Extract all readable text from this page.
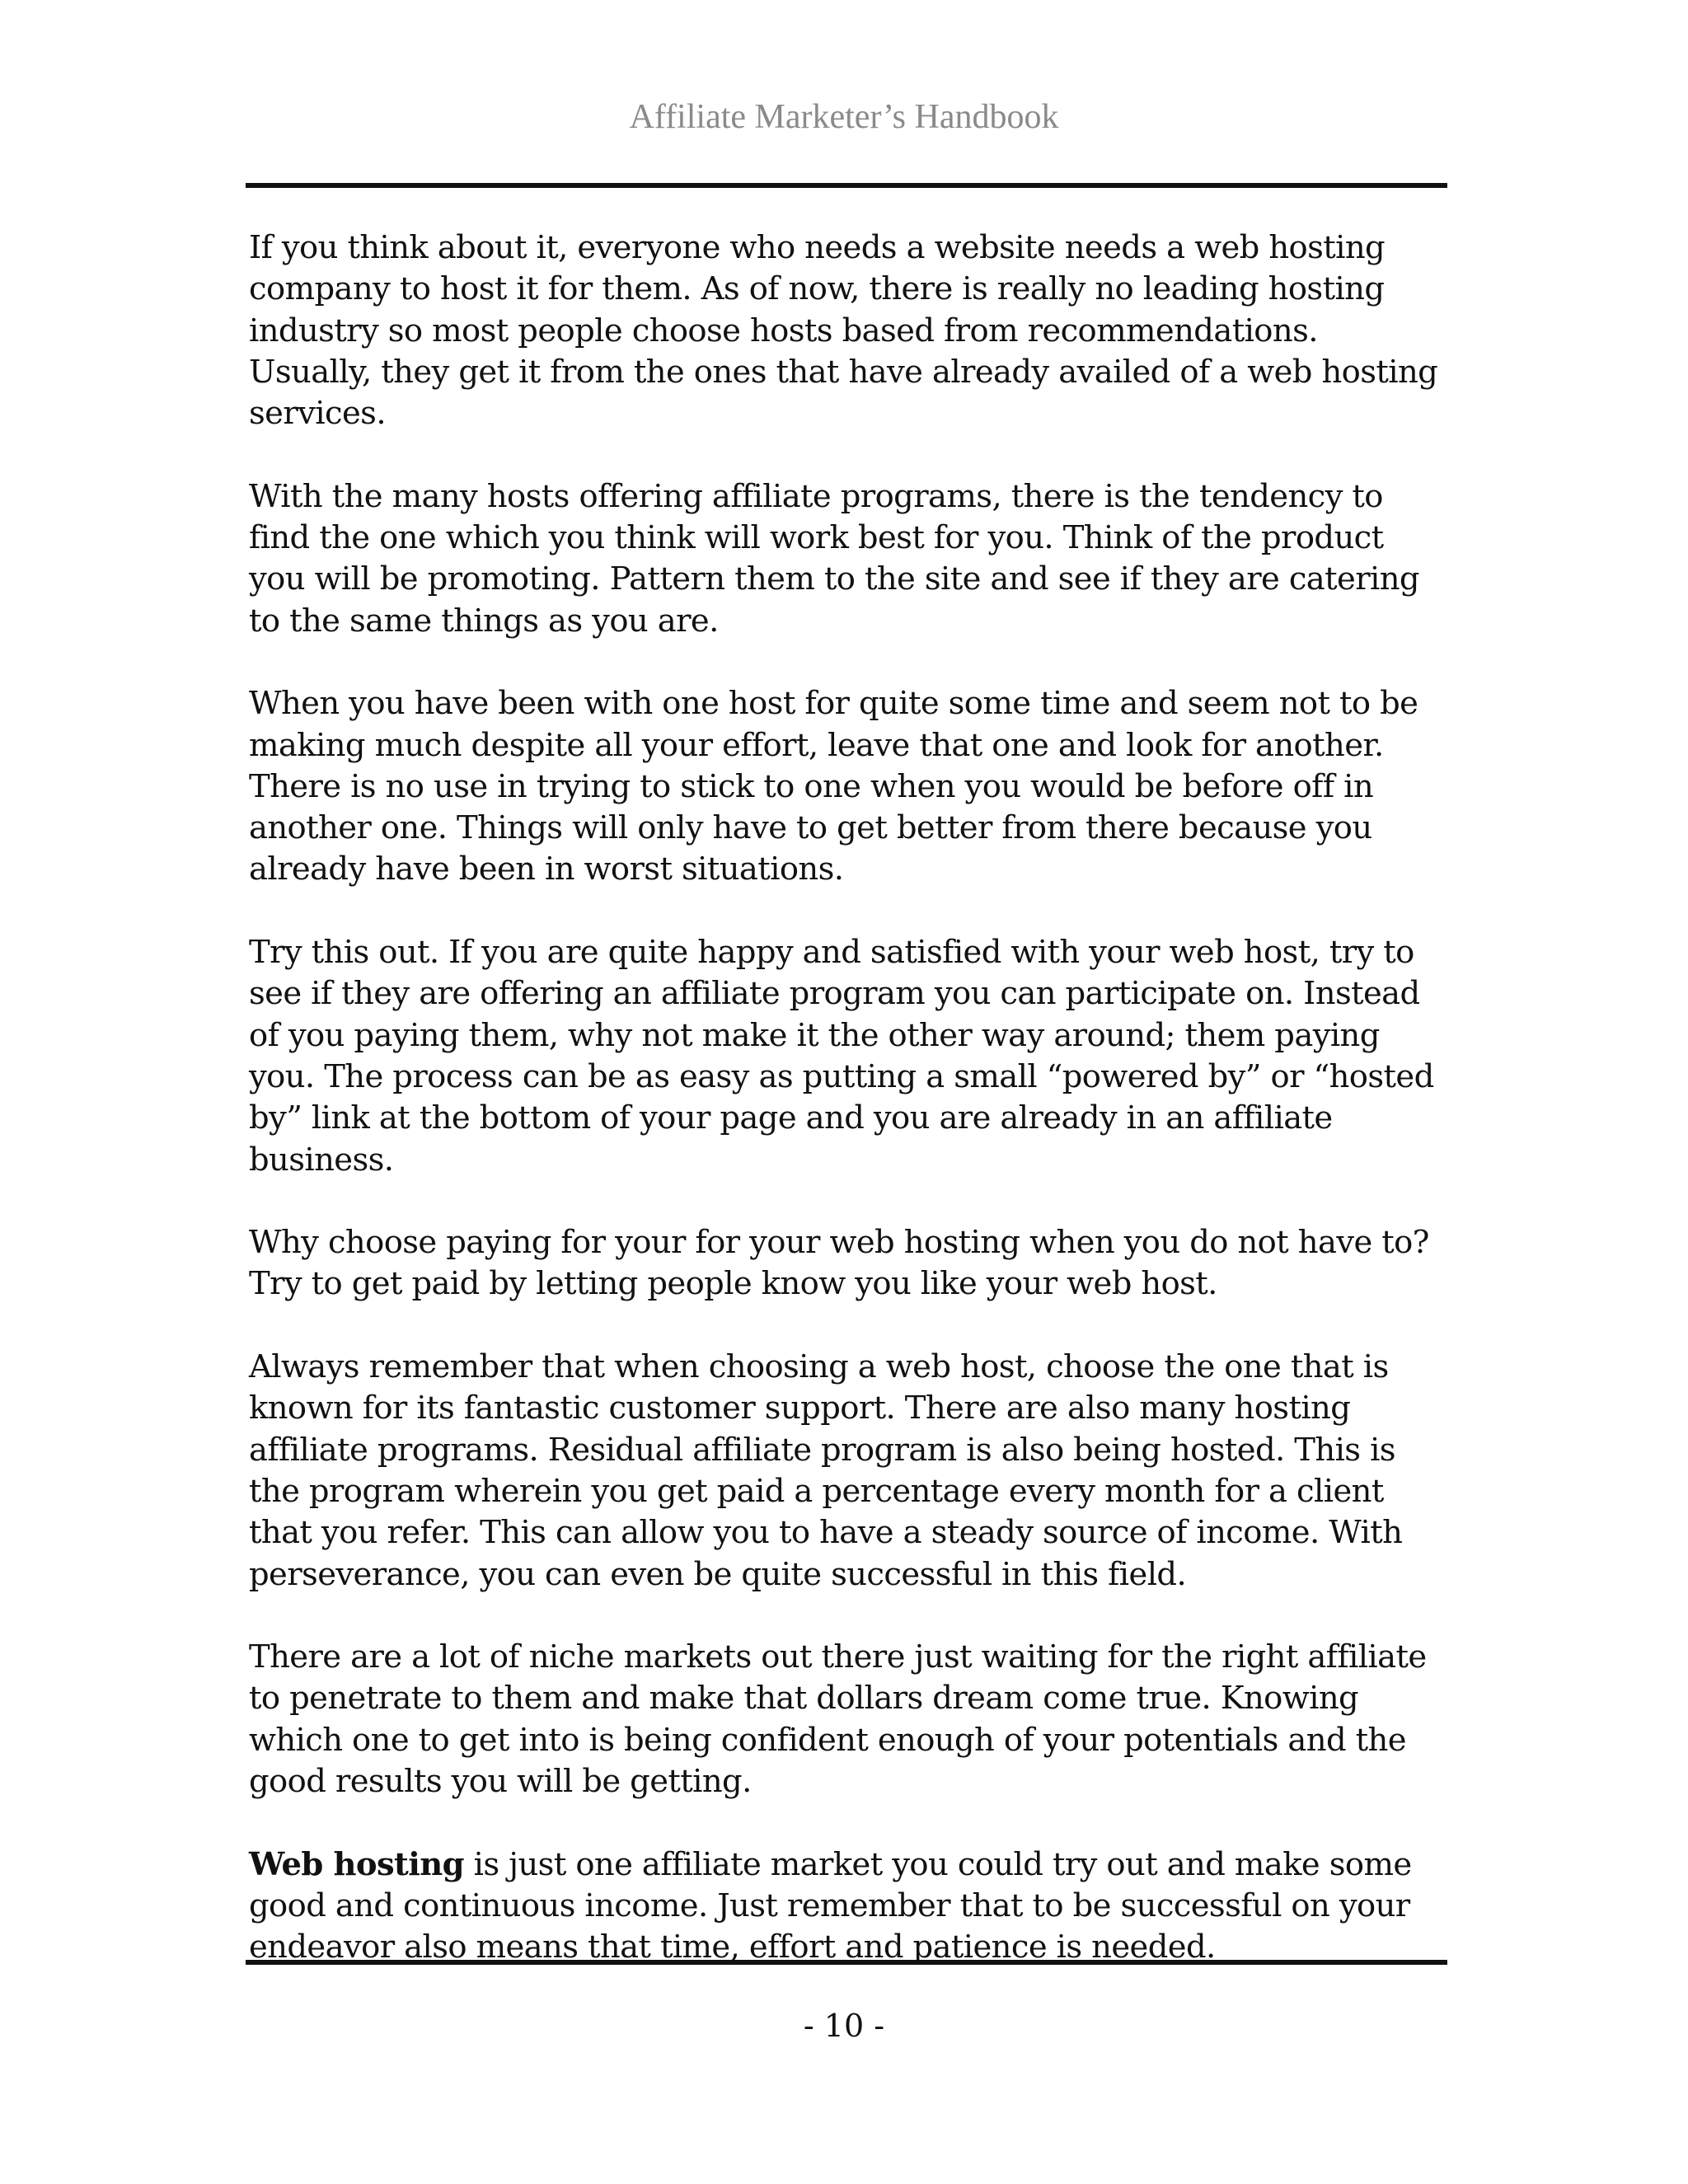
Affiliate Marketer’s Handbook

If you think about it, everyone who needs a website needs a web hosting company to host it for them. As of now, there is really no leading hosting industry so most people choose hosts based from recommendations. Usually, they get it from the ones that have already availed of a web hosting services.

With the many hosts offering affiliate programs, there is the tendency to find the one which you think will work best for you. Think of the product you will be promoting. Pattern them to the site and see if they are catering to the same things as you are.

When you have been with one host for quite some time and seem not to be making much despite all your effort, leave that one and look for another. There is no use in trying to stick to one when you would be before off in another one. Things will only have to get better from there because you already have been in worst situations.

Try this out. If you are quite happy and satisfied with your web host, try to see if they are offering an affiliate program you can participate on. Instead of you paying them, why not make it the other way around; them paying you. The process can be as easy as putting a small “powered by” or “hosted by” link at the bottom of your page and you are already in an affiliate business.

Why choose paying for your for your web hosting when you do not have to? Try to get paid by letting people know you like your web host.

Always remember that when choosing a web host, choose the one that is known for its fantastic customer support. There are also many hosting affiliate programs. Residual affiliate program is also being hosted. This is the program wherein you get paid a percentage every month for a client that you refer. This can allow you to have a steady source of income. With perseverance, you can even be quite successful in this field.

There are a lot of niche markets out there just waiting for the right affiliate to penetrate to them and make that dollars dream come true. Knowing which one to get into is being confident enough of your potentials and the good results you will be getting.

Web hosting is just one affiliate market you could try out and make some good and continuous income. Just remember that to be successful on your endeavor also means that time, effort and patience is needed.

- 10 -
